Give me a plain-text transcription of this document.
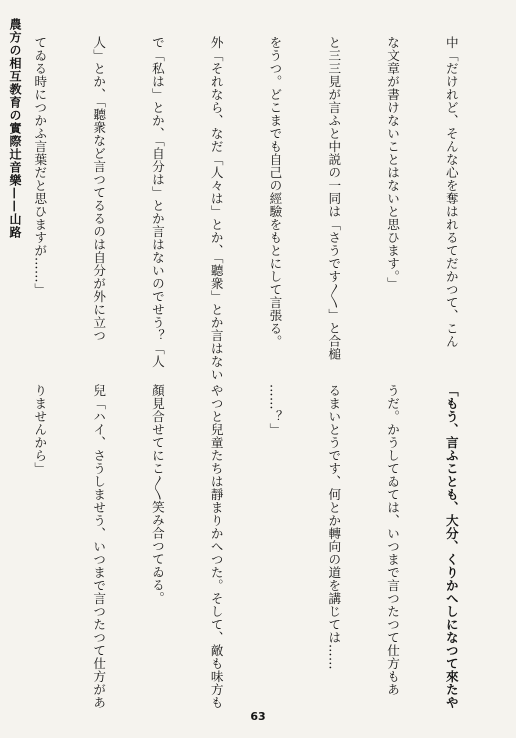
農方の相互教育の實際辻音樂——山路

	中「だけれど、そんな心を奪はれるてだかつて、こん

な文章が書けないことはないと思ひます。」

と三三見が言ふと中説の一同は「さうです〳〵」と合槌

をうつ。どこまでも自己の經驗をもとにして言張る。

外「それなら、なだ「人々は」とか、「聽衆」とか言はない

で「私は」とか、「自分は」とか言はないのでせう？「人

人」とか、「聽衆など言つてるるのは自分が外に立つ

てゐる時につかふ言葉だと思ひますが……」

「もう、言ふことも、大分、くりかへしになつて來たや

うだ。かうしてゐては、いつまで言つたつて仕方もあ

るまいとうです、何とか轉向の道を講じては……

……？」

やつと兒童たちは靜まりかへつた。そして、敵も味方も

顏見合せてにこ〳〵笑み合つてゐる。

兒「ハイ、さうしませう、いつまで言つたつて仕方があ

りませんから」

63
